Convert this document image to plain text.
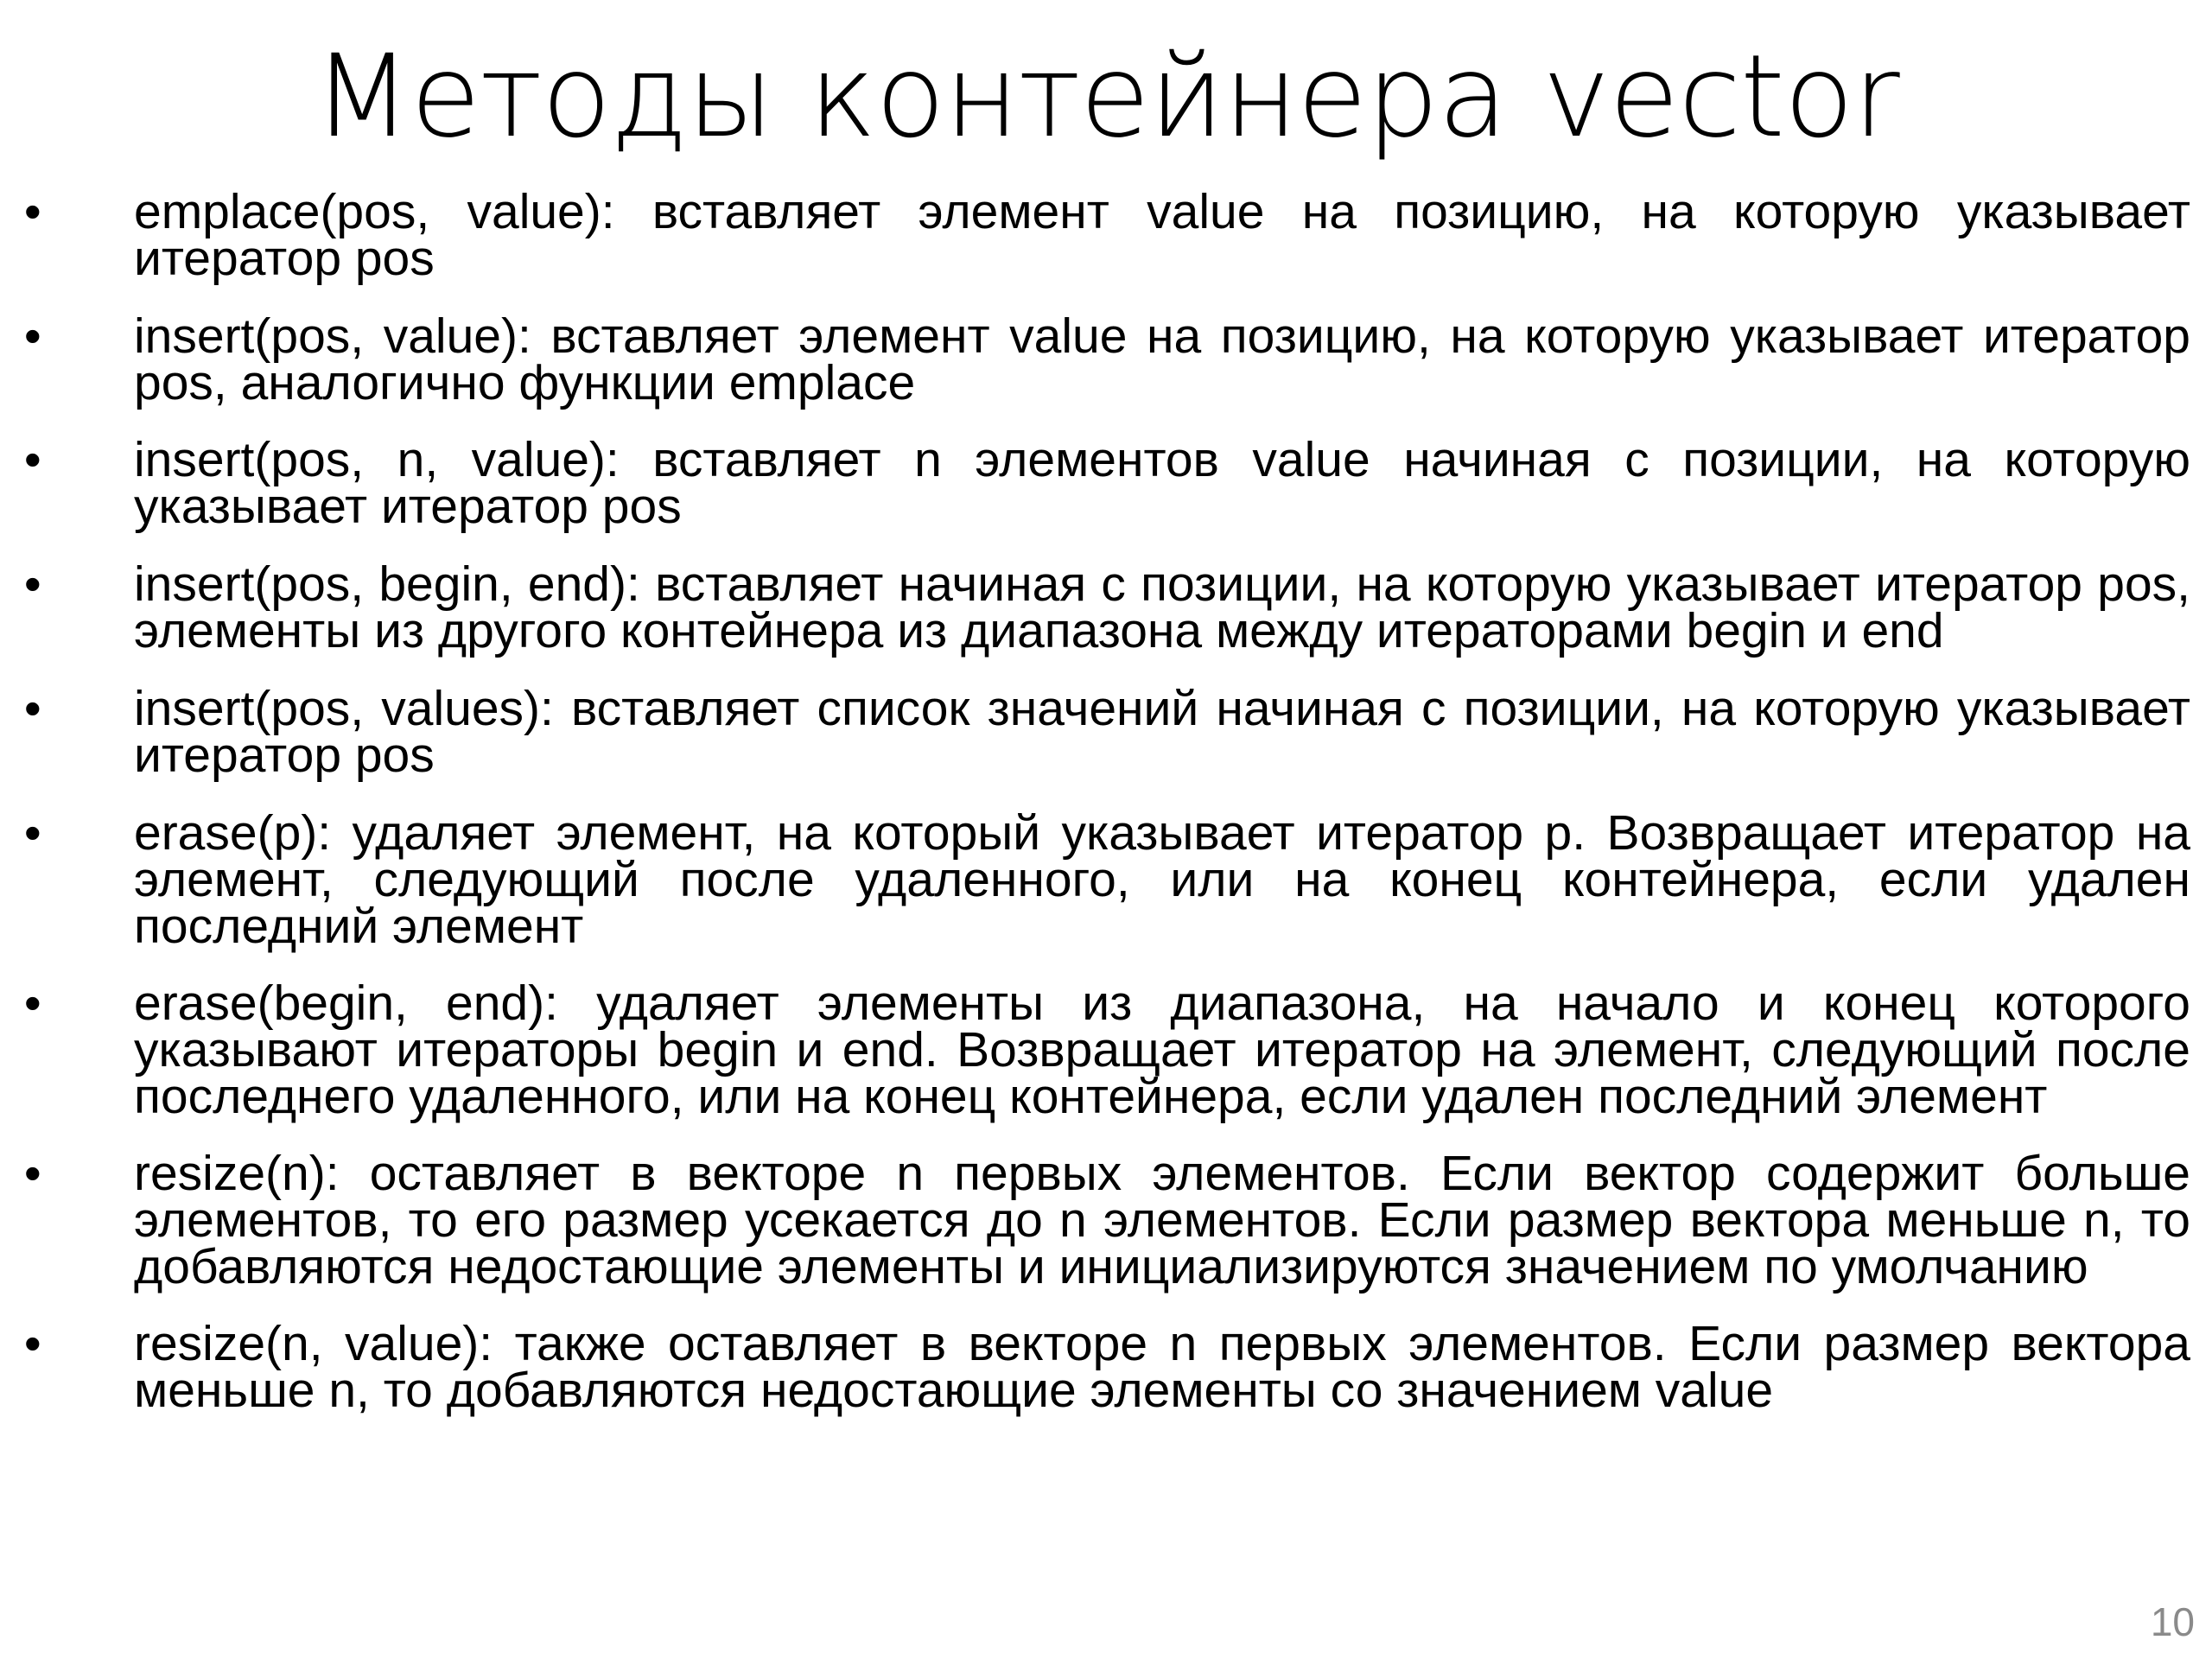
Методы контейнера vector
•	emplace(pos, value): вставляет элемент value на позицию, на которую указывает итератор pos
•	insert(pos, value): вставляет элемент value на позицию, на которую указывает итератор pos, аналогично функции emplace
•	insert(pos, n, value): вставляет n элементов value начиная с позиции, на которую указывает итератор pos
•	insert(pos, begin, end): вставляет начиная с позиции, на которую указывает итератор pos, элементы из другого контейнера из диапазона между итераторами begin и end
•	insert(pos, values): вставляет список значений начиная с позиции, на которую указывает итератор pos
•	erase(p): удаляет элемент, на который указывает итератор p. Возвращает итератор на элемент, следующий после удаленного, или на конец контейнера, если удален последний элемент
•	erase(begin, end): удаляет элементы из диапазона, на начало и конец которого указывают итераторы begin и end. Возвращает итератор на элемент, следующий после последнего удаленного, или на конец контейнера, если удален последний элемент
•	resize(n): оставляет в векторе n первых элементов. Если вектор содержит больше элементов, то его размер усекается до n элементов. Если размер вектора меньше n, то добавляются недостающие элементы и инициализируются значением по умолчанию
•	resize(n, value): также оставляет в векторе n первых элементов. Если размер вектора меньше n, то добавляются недостающие элементы со значением value
10
